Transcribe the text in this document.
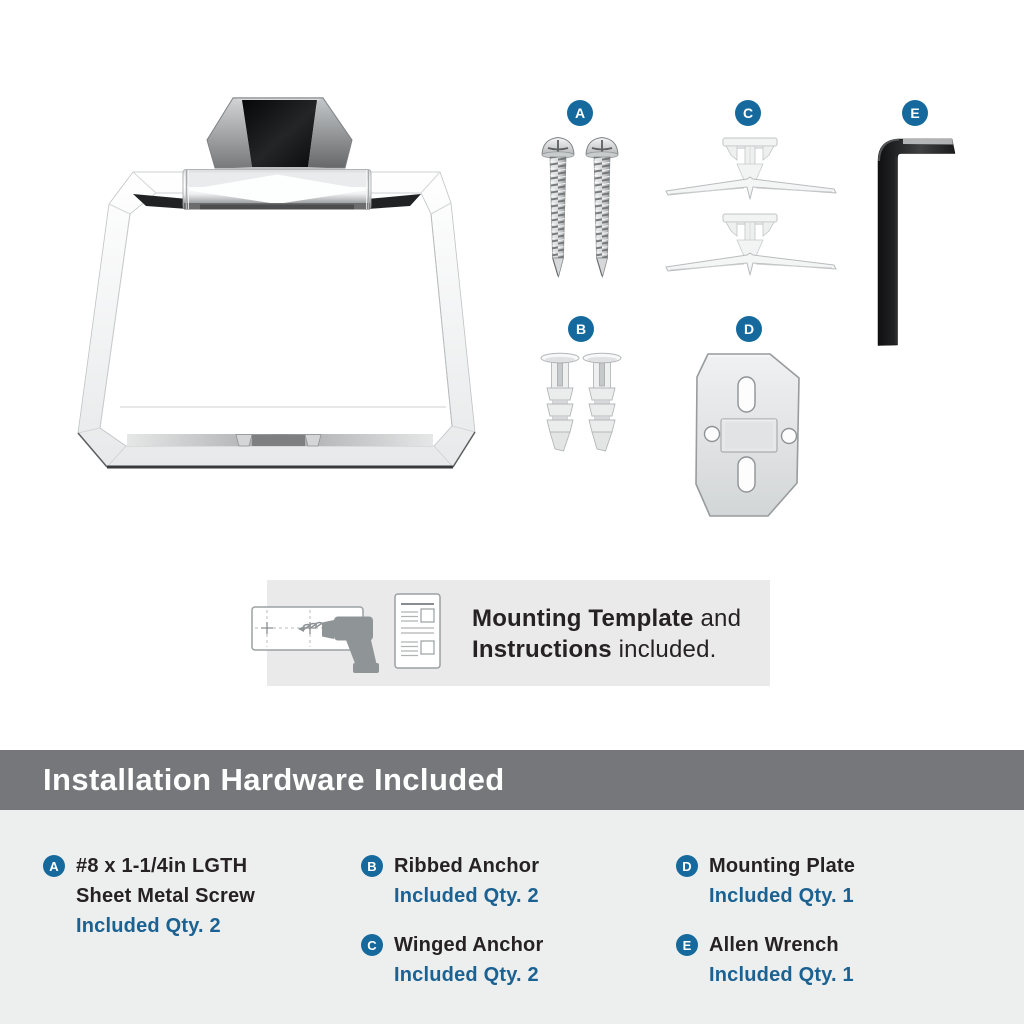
A
B
C
D
E
Mounting Template and
Instructions included.
Installation Hardware Included
A #8 x 1-1/4in LGTH
Sheet Metal Screw
Included Qty. 2
B Ribbed Anchor
Included Qty. 2
C Winged Anchor
Included Qty. 2
D Mounting Plate
Included Qty. 1
E Allen Wrench
Included Qty. 1
